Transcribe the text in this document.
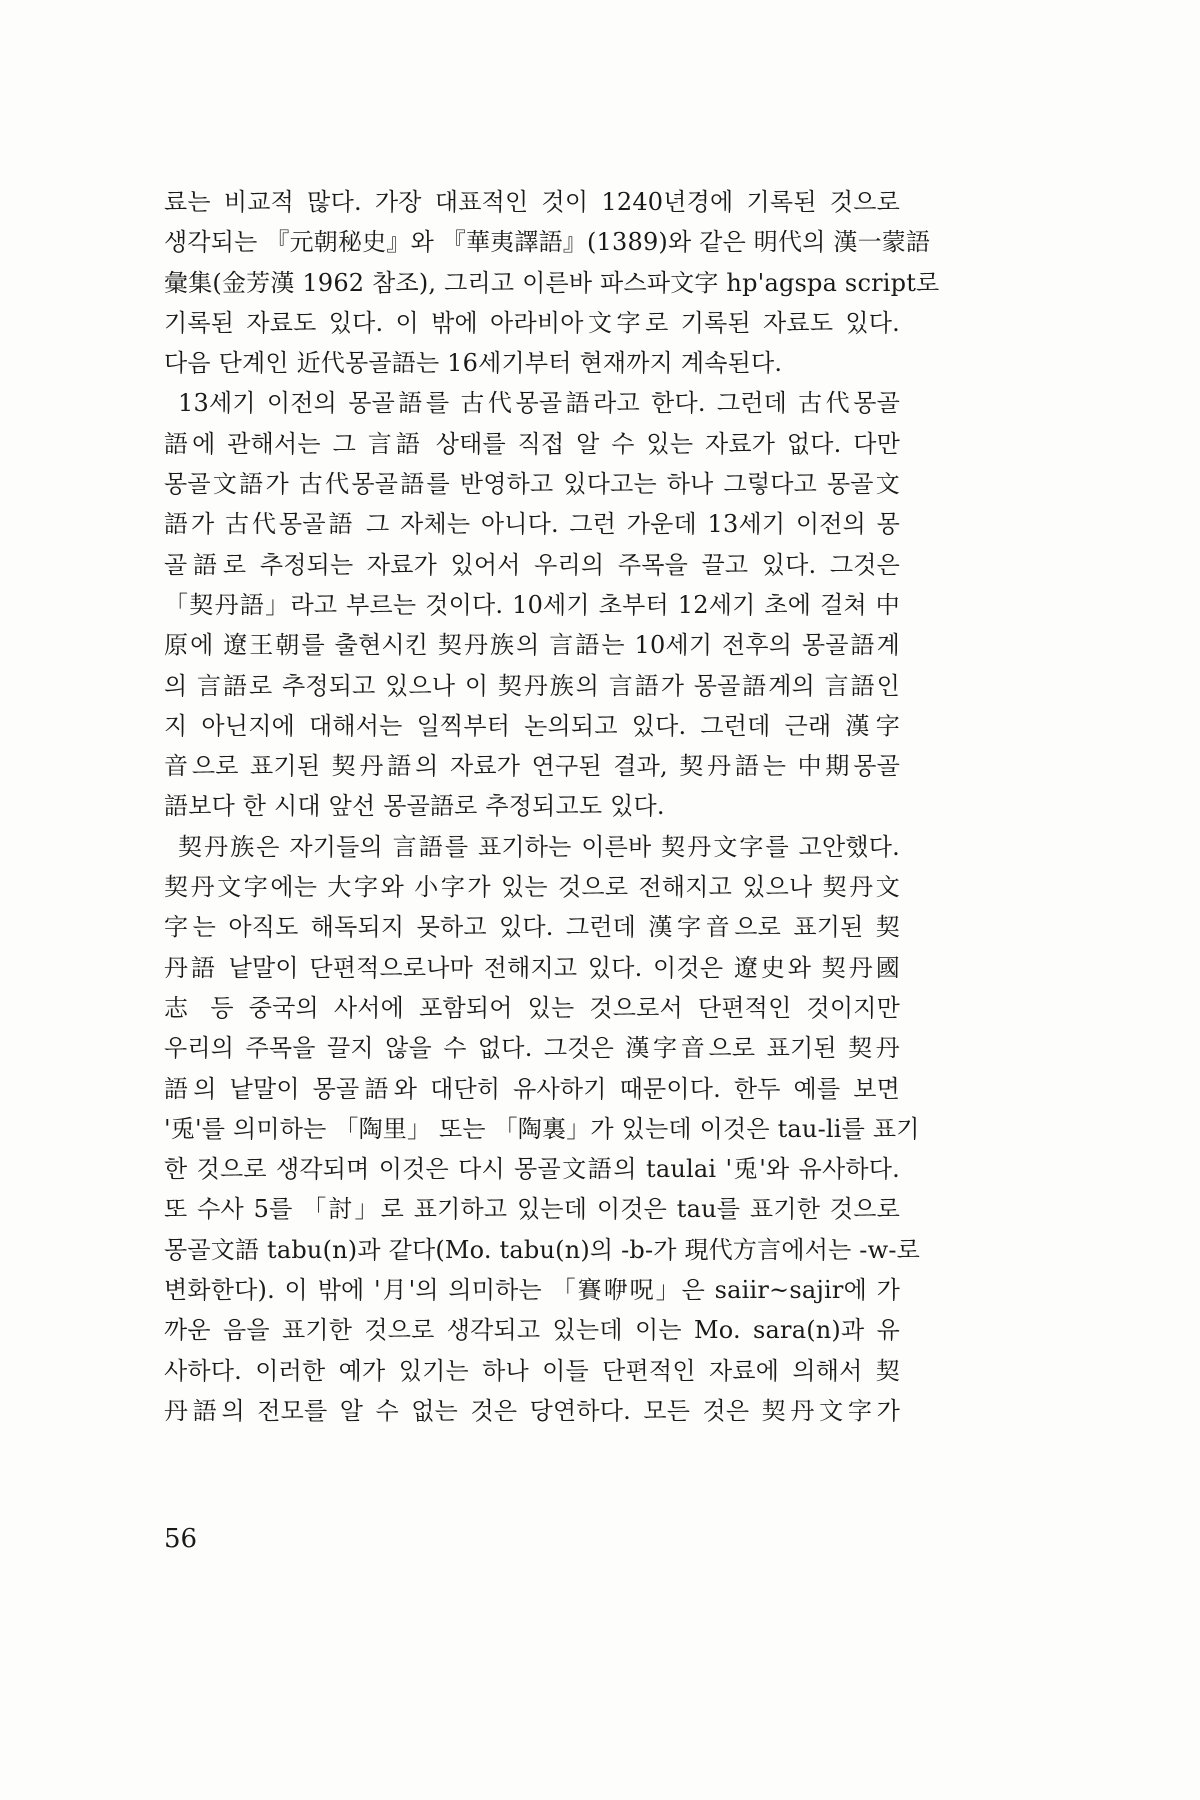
료는 비교적 많다. 가장 대표적인 것이 1240년경에 기록된 것으로
생각되는 『元朝秘史』와 『華夷譯語』(1389)와 같은 明代의 漢一蒙語
彙集(金芳漢 1962 참조), 그리고 이른바 파스파文字 hp'agspa script로
기록된 자료도 있다. 이 밖에 아라비아文字로 기록된 자료도 있다.
다음 단계인 近代몽골語는 16세기부터 현재까지 계속된다.
13세기 이전의 몽골語를 古代몽골語라고 한다. 그런데 古代몽골
語에 관해서는 그 言語 상태를 직접 알 수 있는 자료가 없다. 다만
몽골文語가 古代몽골語를 반영하고 있다고는 하나 그렇다고 몽골文
語가 古代몽골語 그 자체는 아니다. 그런 가운데 13세기 이전의 몽
골語로 추정되는 자료가 있어서 우리의 주목을 끌고 있다. 그것은
「契丹語」라고 부르는 것이다. 10세기 초부터 12세기 초에 걸쳐 中
原에 遼王朝를 출현시킨 契丹族의 言語는 10세기 전후의 몽골語계
의 言語로 추정되고 있으나 이 契丹族의 言語가 몽골語계의 言語인
지 아닌지에 대해서는 일찍부터 논의되고 있다. 그런데 근래 漢字
音으로 표기된 契丹語의 자료가 연구된 결과, 契丹語는 中期몽골
語보다 한 시대 앞선 몽골語로 추정되고도 있다.
契丹族은 자기들의 言語를 표기하는 이른바 契丹文字를 고안했다.
契丹文字에는 大字와 小字가 있는 것으로 전해지고 있으나 契丹文
字는 아직도 해독되지 못하고 있다. 그런데 漢字音으로 표기된 契
丹語 낱말이 단편적으로나마 전해지고 있다. 이것은 遼史와 契丹國
志 등 중국의 사서에 포함되어 있는 것으로서 단편적인 것이지만
우리의 주목을 끌지 않을 수 없다. 그것은 漢字音으로 표기된 契丹
語의 낱말이 몽골語와 대단히 유사하기 때문이다. 한두 예를 보면
'兎'를 의미하는 「陶里」 또는 「陶裏」가 있는데 이것은 tau-li를 표기
한 것으로 생각되며 이것은 다시 몽골文語의 taulai '兎'와 유사하다.
또 수사 5를 「討」로 표기하고 있는데 이것은 tau를 표기한 것으로
몽골文語 tabu(n)과 같다(Mo. tabu(n)의 -b-가 現代方言에서는 -w-로
변화한다). 이 밖에 '月'의 의미하는 「賽咿呪」은 saiir~sajir에 가
까운 음을 표기한 것으로 생각되고 있는데 이는 Mo. sara(n)과 유
사하다. 이러한 예가 있기는 하나 이들 단편적인 자료에 의해서 契
丹語의 전모를 알 수 없는 것은 당연하다. 모든 것은 契丹文字가
56
